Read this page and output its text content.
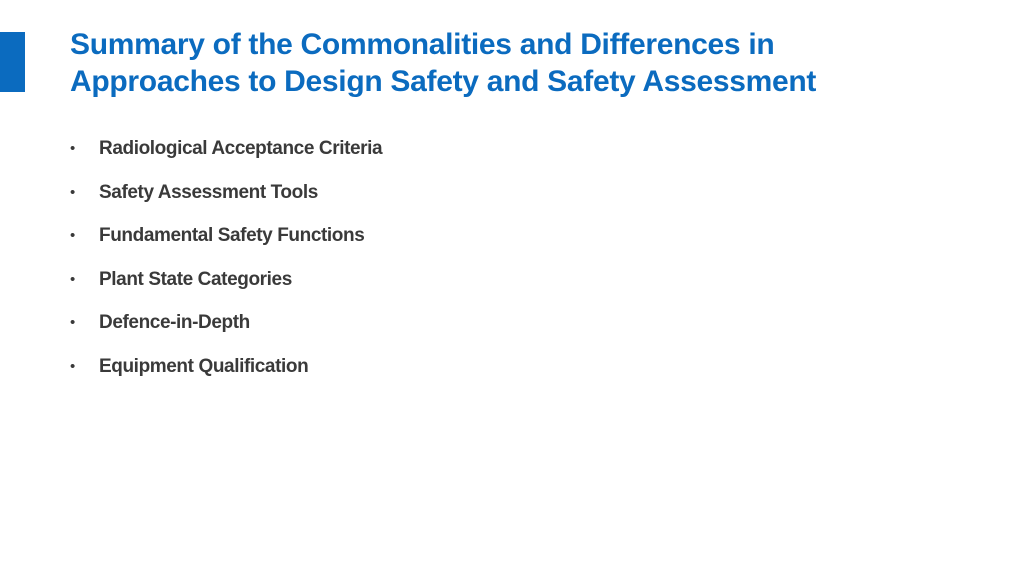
Summary of the Commonalities and Differences in
Approaches to Design Safety and Safety Assessment
•	Radiological Acceptance Criteria
•	Safety Assessment Tools
•	Fundamental Safety Functions
•	Plant State Categories
•	Defence-in-Depth
•	Equipment Qualification
